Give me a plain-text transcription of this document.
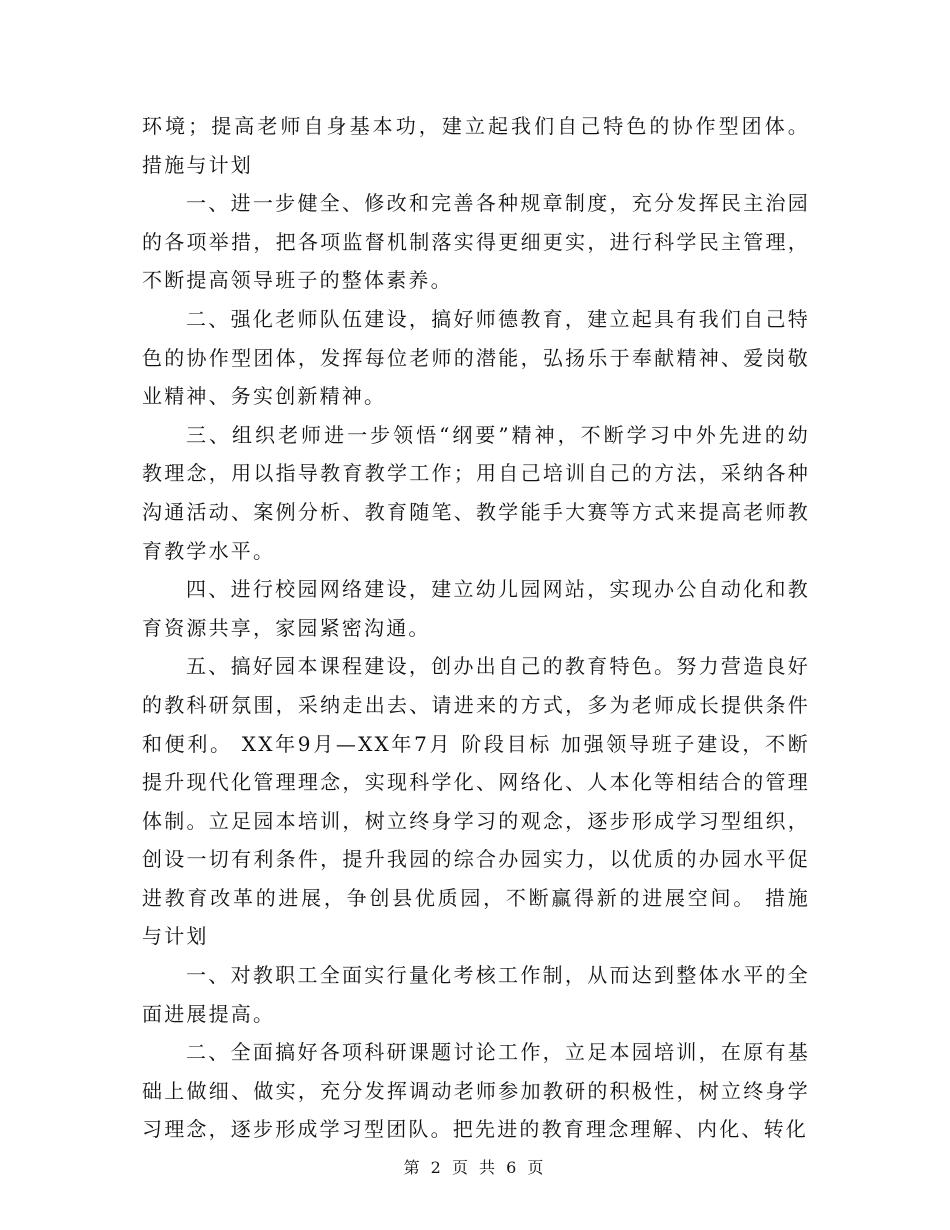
环境；提高老师自身基本功，建立起我们自己特色的协作型团体。 措施与计划

一、进一步健全、修改和完善各种规章制度，充分发挥民主治园的各项举措，把各项监督机制落实得更细更实，进行科学民主管理，不断提高领导班子的整体素养。

二、强化老师队伍建设，搞好师德教育，建立起具有我们自己特色的协作型团体，发挥每位老师的潜能，弘扬乐于奉献精神、爱岗敬业精神、务实创新精神。

三、组织老师进一步领悟“纲要”精神，不断学习中外先进的幼教理念，用以指导教育教学工作；用自己培训自己的方法，采纳各种沟通活动、案例分析、教育随笔、教学能手大赛等方式来提高老师教育教学水平。

四、进行校园网络建设，建立幼儿园网站，实现办公自动化和教育资源共享，家园紧密沟通。

五、搞好园本课程建设，创办出自己的教育特色。努力营造良好的教科研氛围，采纳走出去、请进来的方式，多为老师成长提供条件和便利。 XX年9月—XX年7月 阶段目标 加强领导班子建设，不断提升现代化管理理念，实现科学化、网络化、人本化等相结合的管理体制。立足园本培训，树立终身学习的观念，逐步形成学习型组织，创设一切有利条件，提升我园的综合办园实力，以优质的办园水平促进教育改革的进展，争创县优质园，不断赢得新的进展空间。 措施与计划

一、对教职工全面实行量化考核工作制，从而达到整体水平的全面进展提高。

二、全面搞好各项科研课题讨论工作，立足本园培训，在原有基础上做细、做实，充分发挥调动老师参加教研的积极性，树立终身学习理念，逐步形成学习型团队。把先进的教育理念理解、内化、转化

第 2 页 共 6 页
